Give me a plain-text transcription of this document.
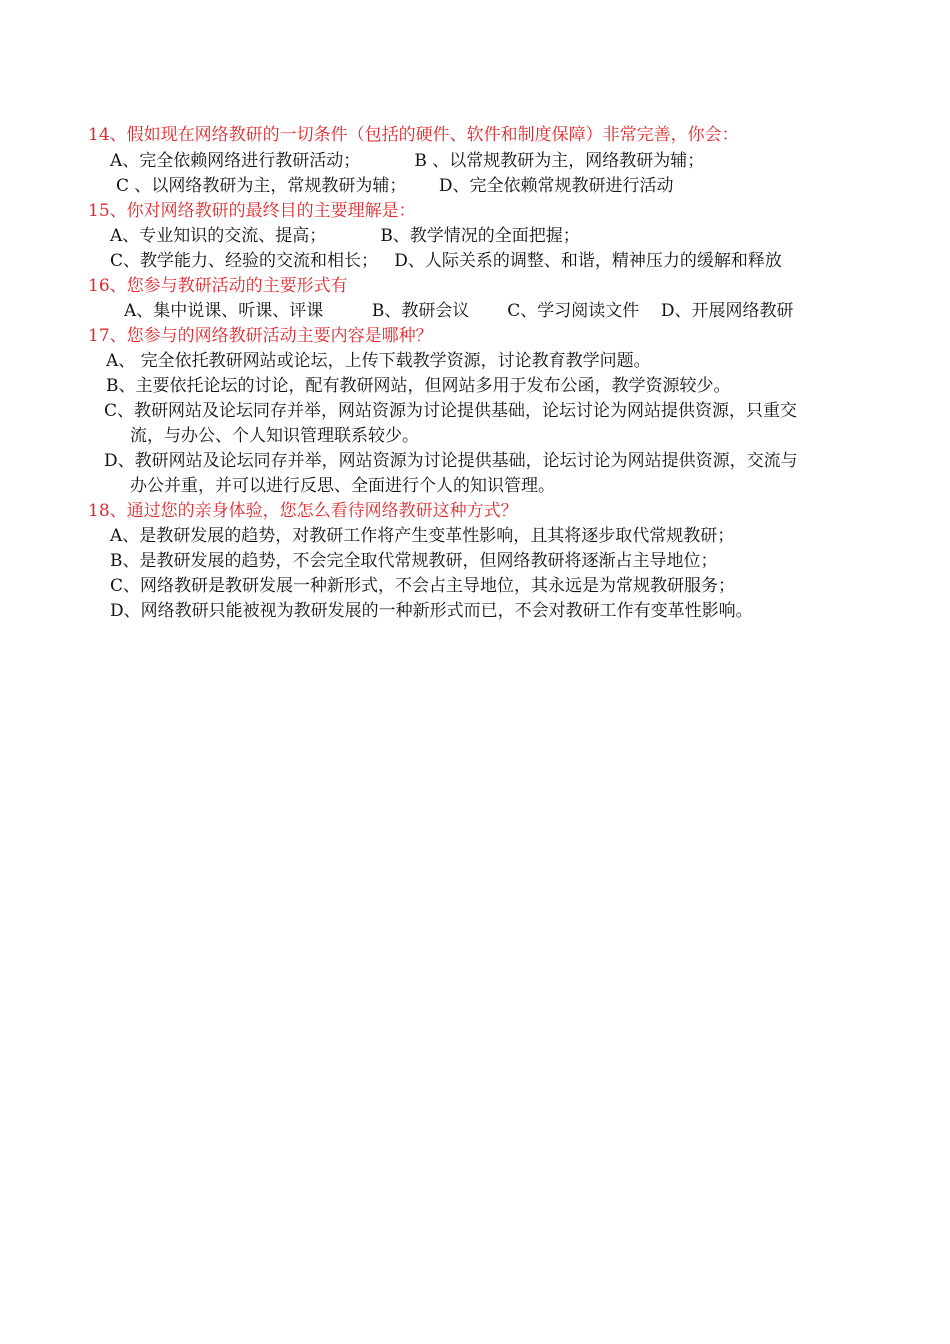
14、假如现在网络教研的一切条件（包括的硬件、软件和制度保障）非常完善，你会：
A、完全依赖网络进行教研活动；          B 、以常规教研为主，网络教研为辅；
C 、以网络教研为主，常规教研为辅；      D、完全依赖常规教研进行活动
15、你对网络教研的最终目的主要理解是：
A、专业知识的交流、提高；          B、教学情况的全面把握；
C、教学能力、经验的交流和相长；   D、人际关系的调整、和谐，精神压力的缓解和释放
16、您参与教研活动的主要形式有
A、集中说课、听课、评课         B、教研会议       C、学习阅读文件    D、开展网络教研
17、您参与的网络教研活动主要内容是哪种？
A、 完全依托教研网站或论坛，上传下载教学资源，讨论教育教学问题。
B、主要依托论坛的讨论，配有教研网站，但网站多用于发布公函，教学资源较少。
C、教研网站及论坛同存并举，网站资源为讨论提供基础，论坛讨论为网站提供资源，只重交
流，与办公、个人知识管理联系较少。
D、教研网站及论坛同存并举，网站资源为讨论提供基础，论坛讨论为网站提供资源，交流与
办公并重，并可以进行反思、全面进行个人的知识管理。
18、通过您的亲身体验，您怎么看待网络教研这种方式？
A、是教研发展的趋势，对教研工作将产生变革性影响，且其将逐步取代常规教研；
B、是教研发展的趋势，不会完全取代常规教研，但网络教研将逐渐占主导地位；
C、网络教研是教研发展一种新形式，不会占主导地位，其永远是为常规教研服务；
D、网络教研只能被视为教研发展的一种新形式而已，不会对教研工作有变革性影响。
